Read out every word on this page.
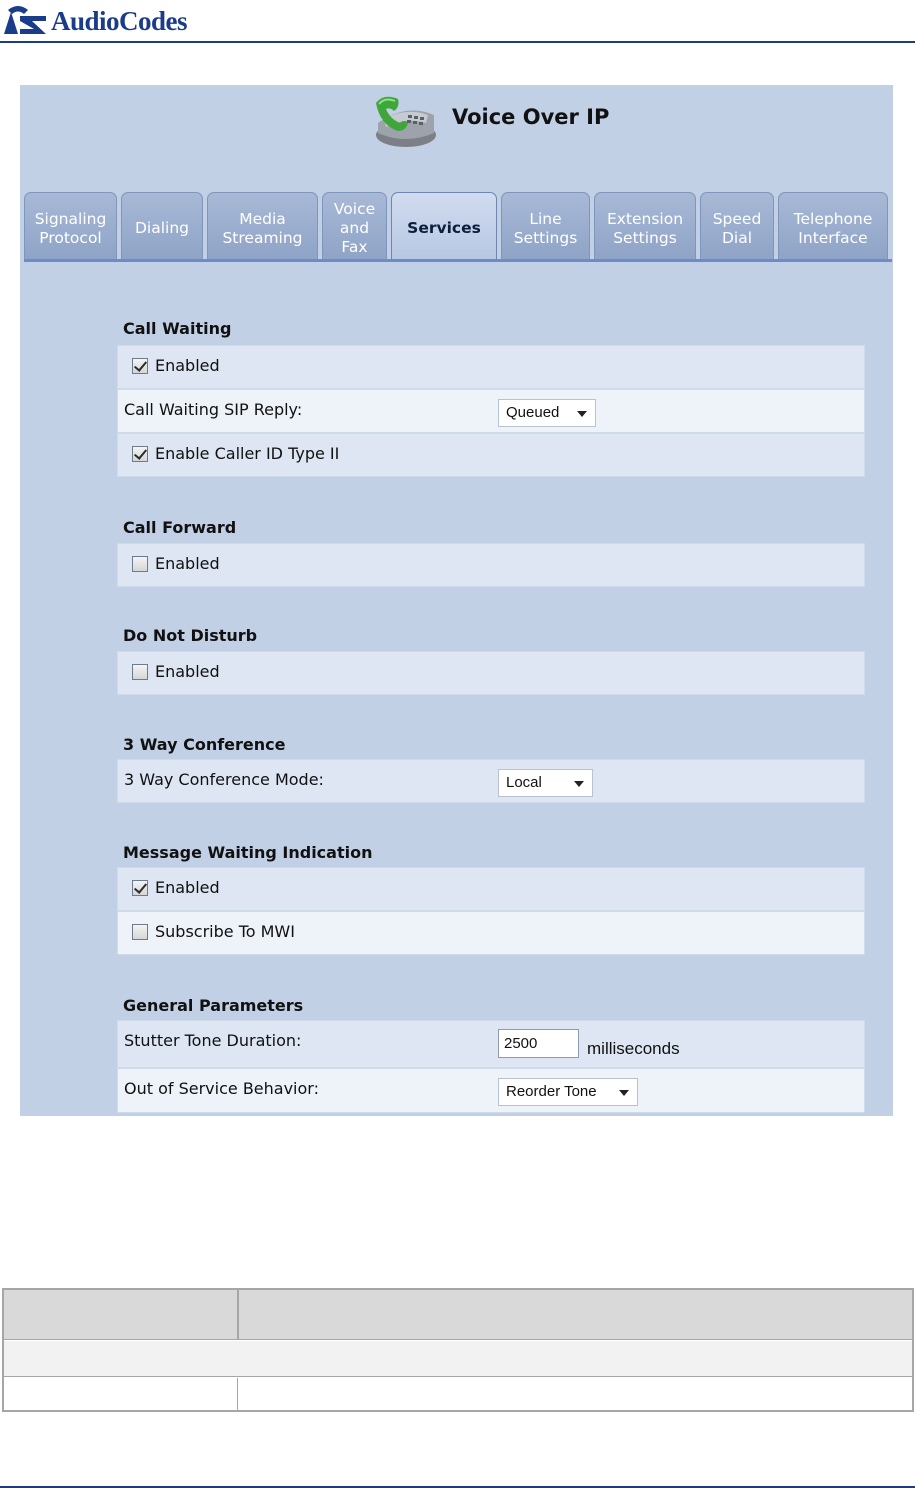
AudioCodes
Voice Over IP
Signaling
Protocol
Dialing
Media
Streaming
Voice
and
Fax
Services
Line
Settings
Extension
Settings
Speed
Dial
Telephone
Interface
Call Waiting
Enabled
Call Waiting SIP Reply:	Queued
Enable Caller ID Type II
Call Forward
Enabled
Do Not Disturb
Enabled
3 Way Conference
3 Way Conference Mode:	Local
Message Waiting Indication
Enabled
Subscribe To MWI
General Parameters
Stutter Tone Duration:	2500	milliseconds
Out of Service Behavior:	Reorder Tone
